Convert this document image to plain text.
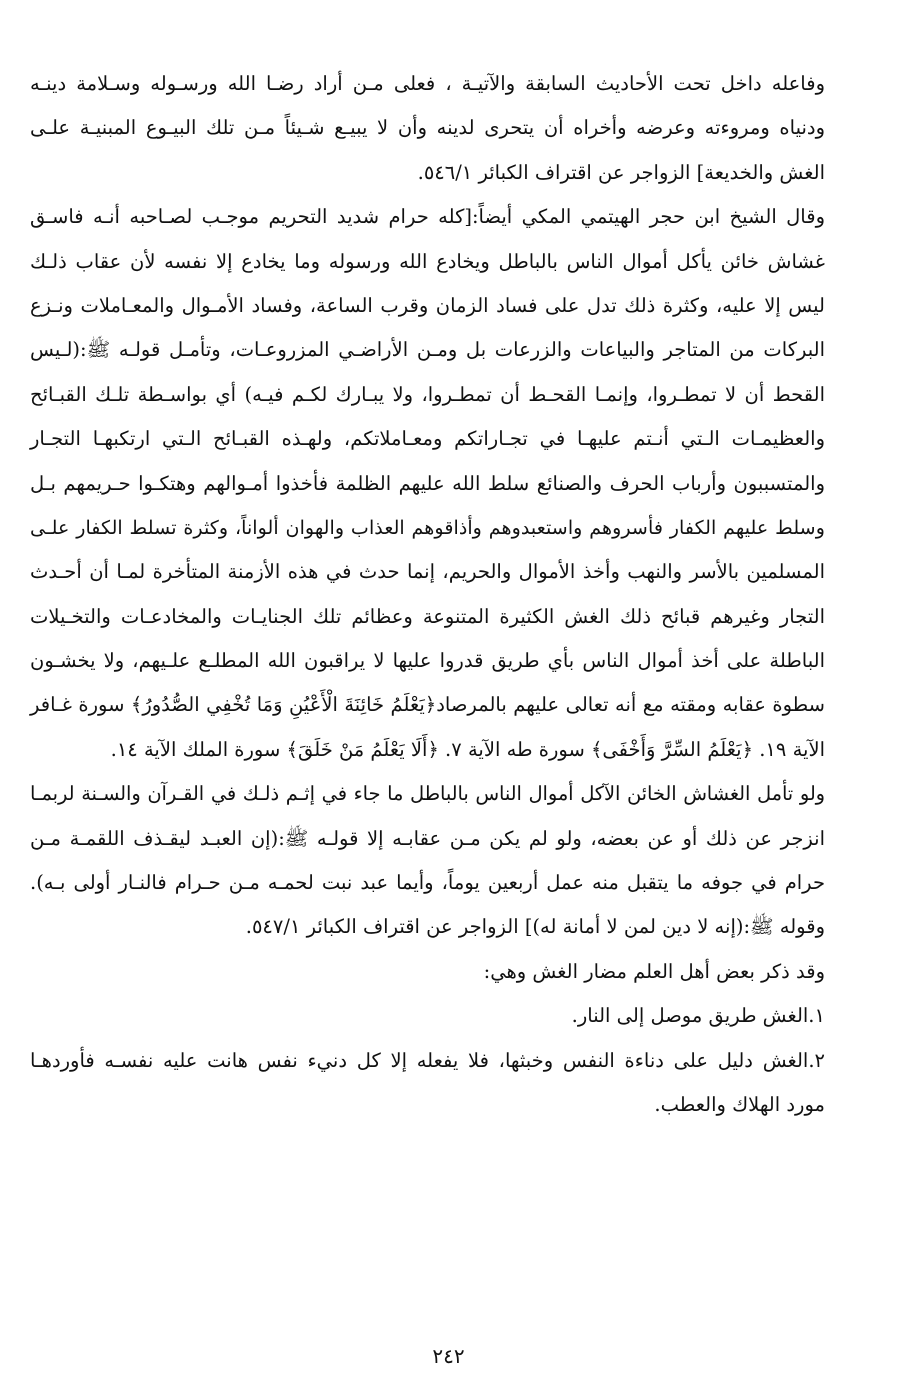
وفاعله داخل تحت الأحاديث السابقة والآتيـة ، فعلى مـن أراد رضـا الله ورسـوله وسـلامة دينـه
ودنياه ومروءته وعرضه وأخراه أن يتحرى لدينه وأن لا يبيـع شـيئاً مـن تلك البيـوع المبنيـة علـى
الغش والخديعة] الزواجر عن اقتراف الكبائر ٥٤٦/١.
وقال الشيخ ابن حجر الهيتمي المكي أيضاً:[كله حرام شديد التحريم موجـب لصـاحبه أنـه فاسـق
غشاش خائن يأكل أموال الناس بالباطل ويخادع الله ورسوله وما يخادع إلا نفسه لأن عقاب ذلـك
ليس إلا عليه، وكثرة ذلك تدل على فساد الزمان وقرب الساعة، وفساد الأمـوال والمعـاملات ونـزع
البركات من المتاجر والبياعات والزرعات بل ومـن الأراضـي المزروعـات، وتأمـل قولـه ﷺ:(لـيس
القحط أن لا تمطـروا، وإنمـا القحـط أن تمطـروا، ولا يبـارك لكـم فيـه) أي بواسـطة تلـك القبـائح
والعظيمـات الـتي أنـتم عليهـا في تجـاراتكم ومعـاملاتكم، ولهـذه القبـائح الـتي ارتكبهـا التجـار
والمتسببون وأرباب الحرف والصنائع سلط الله عليهم الظلمة فأخذوا أمـوالهم وهتكـوا حـريمهم بـل
وسلط عليهم الكفار فأسروهم واستعبدوهم وأذاقوهم العذاب والهوان ألواناً، وكثرة تسلط الكفار علـى
المسلمين بالأسر والنهب وأخذ الأموال والحريم، إنما حدث في هذه الأزمنة المتأخرة لمـا أن أحـدث
التجار وغيرهم قبائح ذلك الغش الكثيرة المتنوعة وعظائم تلك الجنايـات والمخادعـات والتخـيلات
الباطلة على أخذ أموال الناس بأي طريق قدروا عليها لا يراقبون الله المطلـع علـيهم، ولا يخشـون
سطوة عقابه ومقته مع أنه تعالى عليهم بالمرصاد﴿يَعْلَمُ خَائِنَةَ الْأَعْيُنِ وَمَا تُخْفِي الصُّدُورُ﴾ سورة غـافر
الآية ١٩. ﴿يَعْلَمُ السِّرَّ وَأَخْفَى﴾ سورة طه الآية ٧. ﴿أَلَا يَعْلَمُ مَنْ خَلَقَ﴾ سورة الملك الآية ١٤.
ولو تأمل الغشاش الخائن الآكل أموال الناس بالباطل ما جاء في إثـم ذلـك في القـرآن والسـنة لربمـا
انزجر عن ذلك أو عن بعضه، ولو لم يكن مـن عقابـه إلا قولـه ﷺ:(إن العبـد ليقـذف اللقمـة مـن
حرام في جوفه ما يتقبل منه عمل أربعين يوماً، وأيما عبد نبت لحمـه مـن حـرام فالنـار أولى بـه).
وقوله ﷺ:(إنه لا دين لمن لا أمانة له)] الزواجر عن اقتراف الكبائر ٥٤٧/١.
وقد ذكر بعض أهل العلم مضار الغش وهي:
١.الغش طريق موصل إلى النار.
٢.الغش دليل على دناءة النفس وخبثها، فلا يفعله إلا كل دنيء نفس هانت عليه نفسـه فأوردهـا
مورد الهلاك والعطب.
٢٤٢
